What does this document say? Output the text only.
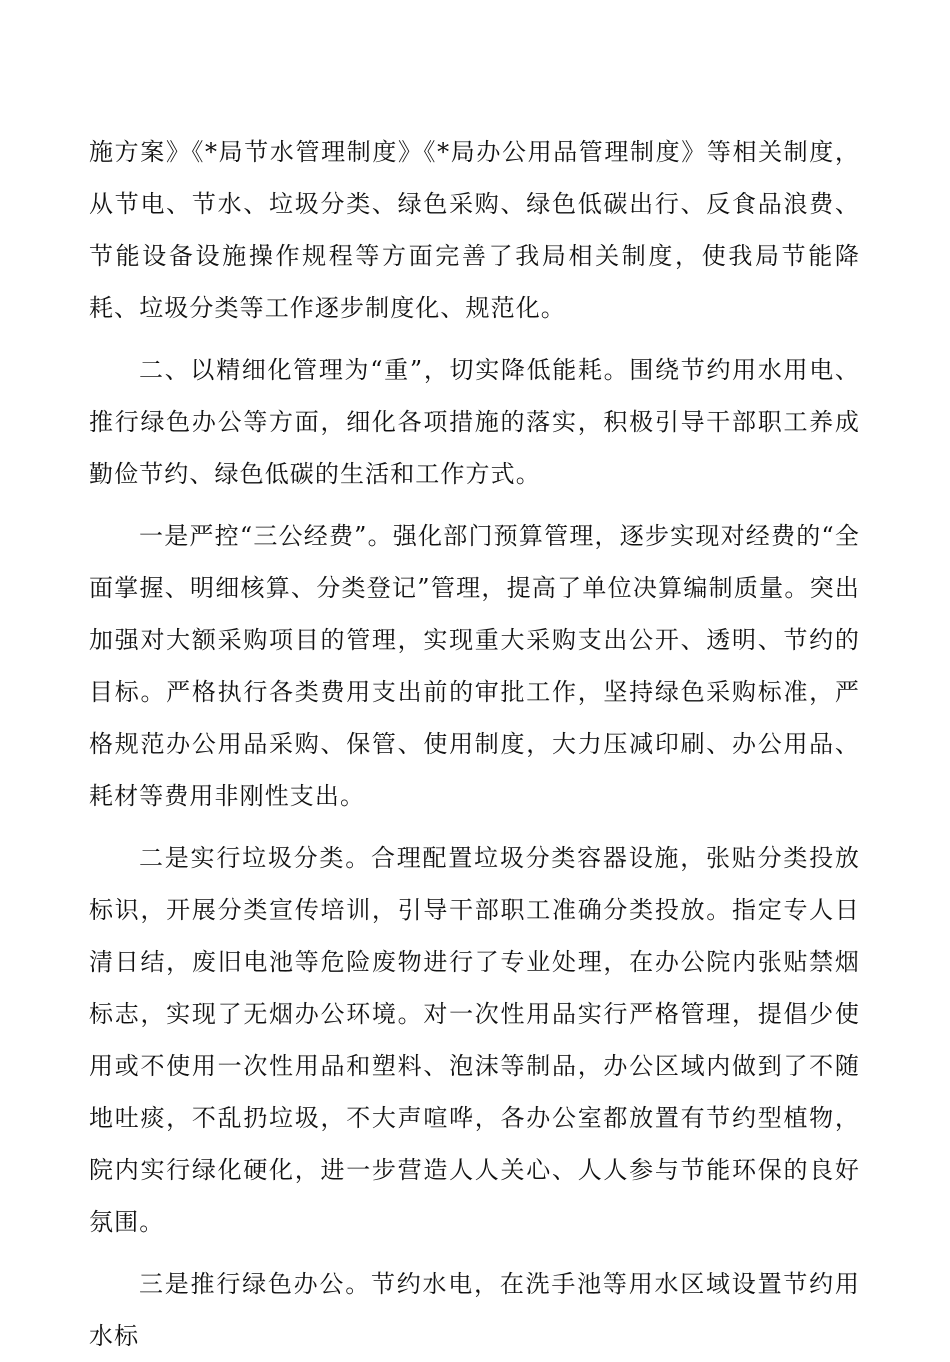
施方案》《*局节水管理制度》《*局办公用品管理制度》等相关制度，从节电、节水、垃圾分类、绿色采购、绿色低碳出行、反食品浪费、节能设备设施操作规程等方面完善了我局相关制度，使我局节能降耗、垃圾分类等工作逐步制度化、规范化。

二、以精细化管理为“重”，切实降低能耗。围绕节约用水用电、推行绿色办公等方面，细化各项措施的落实，积极引导干部职工养成勤俭节约、绿色低碳的生活和工作方式。

一是严控“三公经费”。强化部门预算管理，逐步实现对经费的“全面掌握、明细核算、分类登记”管理，提高了单位决算编制质量。突出加强对大额采购项目的管理，实现重大采购支出公开、透明、节约的目标。严格执行各类费用支出前的审批工作，坚持绿色采购标准，严格规范办公用品采购、保管、使用制度，大力压减印刷、办公用品、耗材等费用非刚性支出。

二是实行垃圾分类。合理配置垃圾分类容器设施，张贴分类投放标识，开展分类宣传培训，引导干部职工准确分类投放。指定专人日清日结，废旧电池等危险废物进行了专业处理，在办公院内张贴禁烟标志，实现了无烟办公环境。对一次性用品实行严格管理，提倡少使用或不使用一次性用品和塑料、泡沫等制品，办公区域内做到了不随地吐痰，不乱扔垃圾，不大声喧哗，各办公室都放置有节约型植物，院内实行绿化硬化，进一步营造人人关心、人人参与节能环保的良好氛围。

三是推行绿色办公。节约水电，在洗手池等用水区域设置节约用水标
